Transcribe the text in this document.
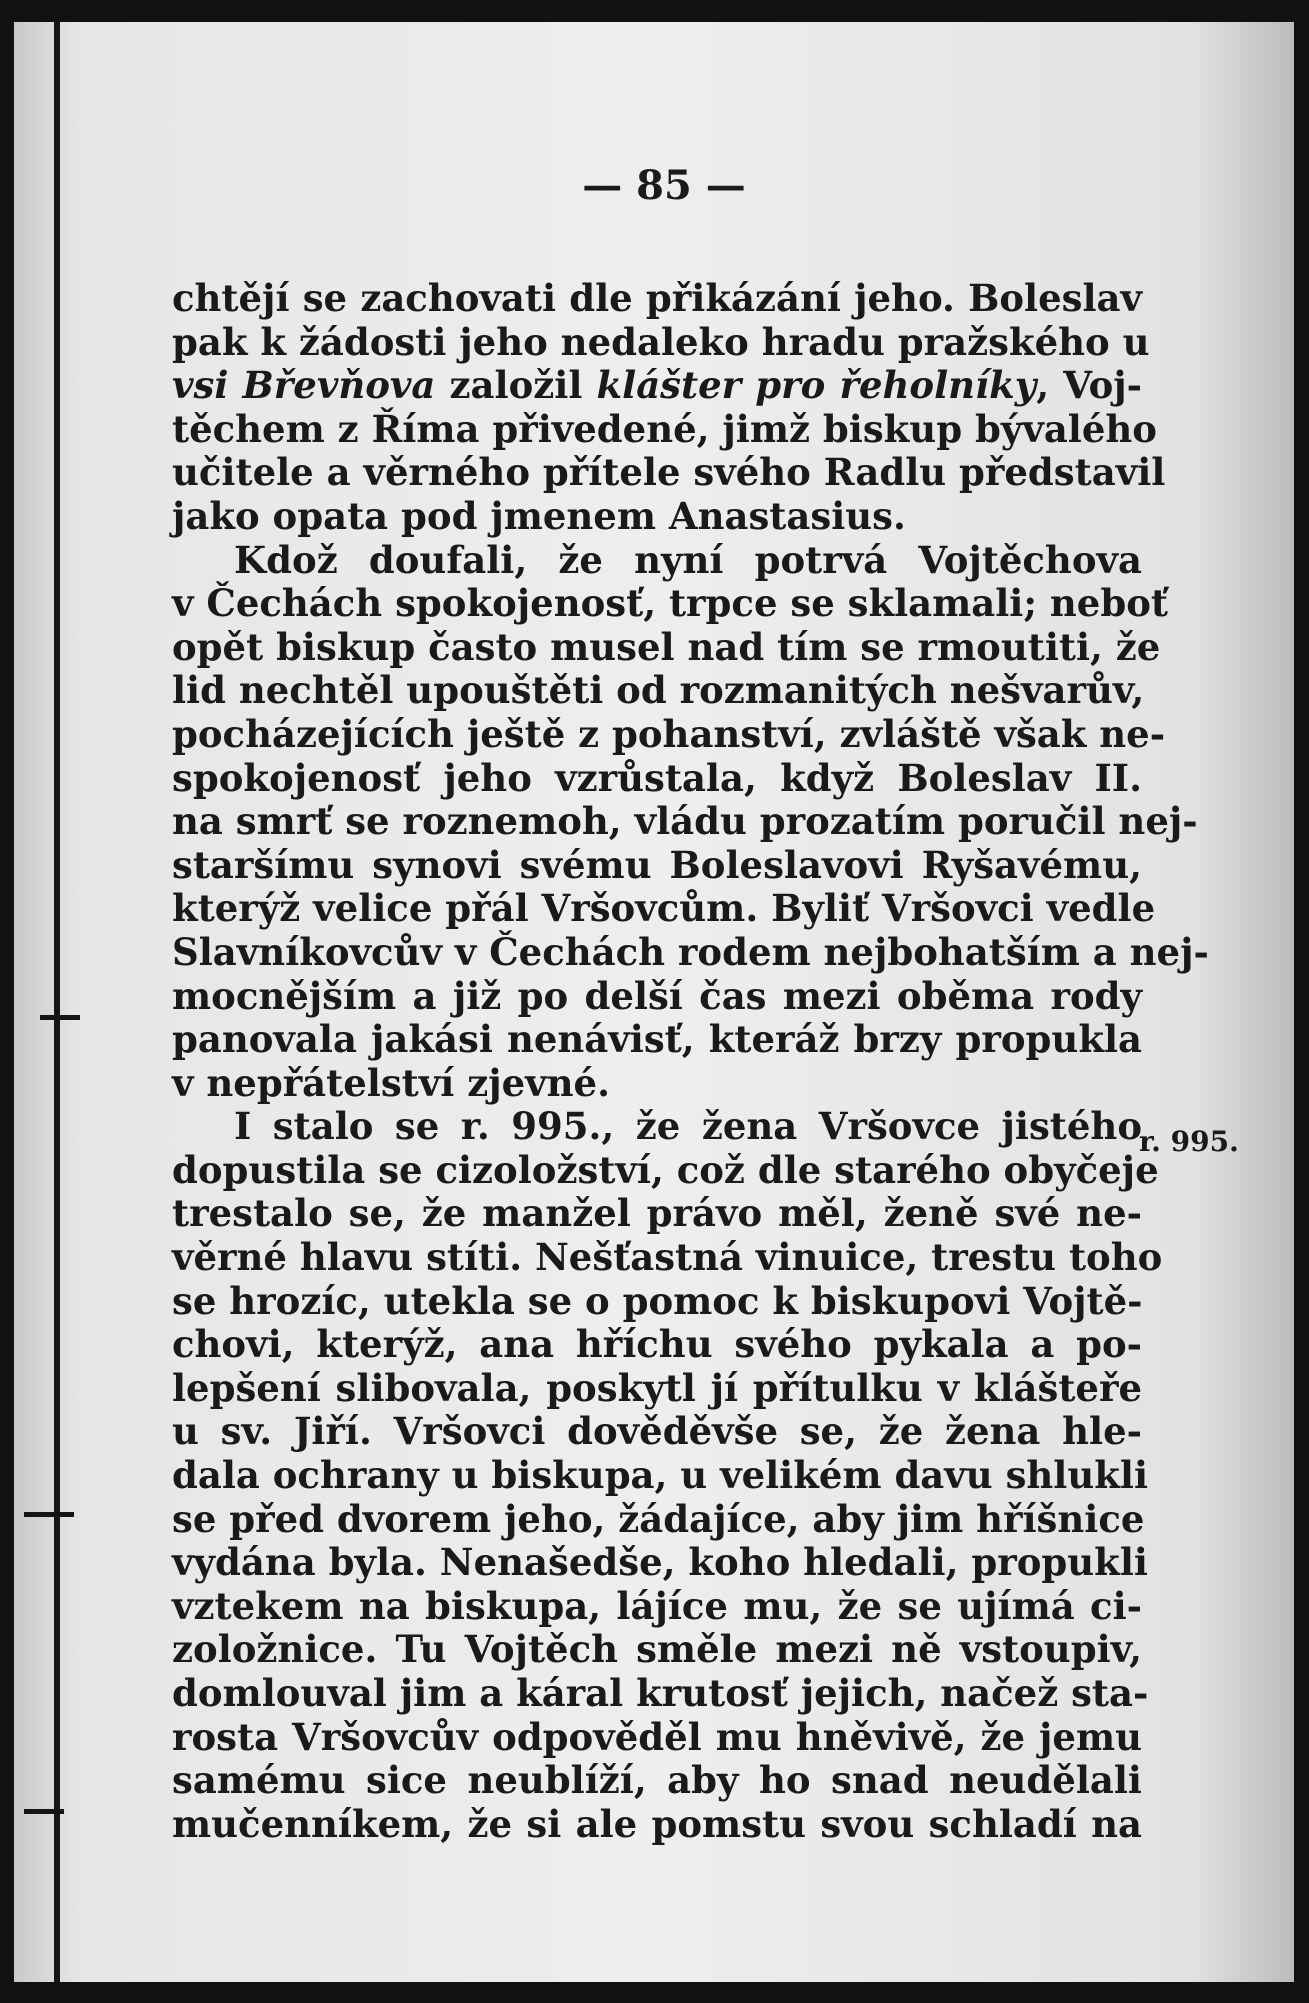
— 85 —
chtějí se zachovati dle přikázání jeho. Boleslav
pak k žádosti jeho nedaleko hradu pražského u
vsi Břevňova založil klášter pro řeholníky, Voj-
těchem z Říma přivedené, jimž biskup bývalého
učitele a věrného přítele svého Radlu představil
jako opata pod jmenem Anastasius.
Kdož doufali, že nyní potrvá Vojtěchova
v Čechách spokojenosť, trpce se sklamali; neboť
opět biskup často musel nad tím se rmoutiti, že
lid nechtěl upouštěti od rozmanitých nešvarův,
pocházejících ještě z pohanství, zvláště však ne-
spokojenosť jeho vzrůstala, když Boleslav II.
na smrť se roznemoh, vládu prozatím poručil nej-
staršímu synovi svému Boleslavovi Ryšavému,
kterýž velice přál Vršovcům. Byliť Vršovci vedle
Slavníkovcův v Čechách rodem nejbohatším a nej-
mocnějším a již po delší čas mezi oběma rody
panovala jakási nenávisť, kteráž brzy propukla
v nepřátelství zjevné.
I stalo se r. 995., že žena Vršovce jistého
dopustila se cizoložství, což dle starého obyčeje
trestalo se, že manžel právo měl, ženě své ne-
věrné hlavu stíti. Nešťastná vinuice, trestu toho
se hrozíc, utekla se o pomoc k biskupovi Vojtě-
chovi, kterýž, ana hříchu svého pykala a po-
lepšení slibovala, poskytl jí přítulku v klášteře
u sv. Jiří. Vršovci dověděvše se, že žena hle-
dala ochrany u biskupa, u velikém davu shlukli
se před dvorem jeho, žádajíce, aby jim hříšnice
vydána byla. Nenašedše, koho hledali, propukli
vztekem na biskupa, lájíce mu, že se ujímá ci-
zoložnice. Tu Vojtěch směle mezi ně vstoupiv,
domlouval jim a káral krutosť jejich, načež sta-
rosta Vršovcův odpověděl mu hněvivě, že jemu
samému sice neublíží, aby ho snad neudělali
mučenníkem, že si ale pomstu svou schladí na
r. 995.
